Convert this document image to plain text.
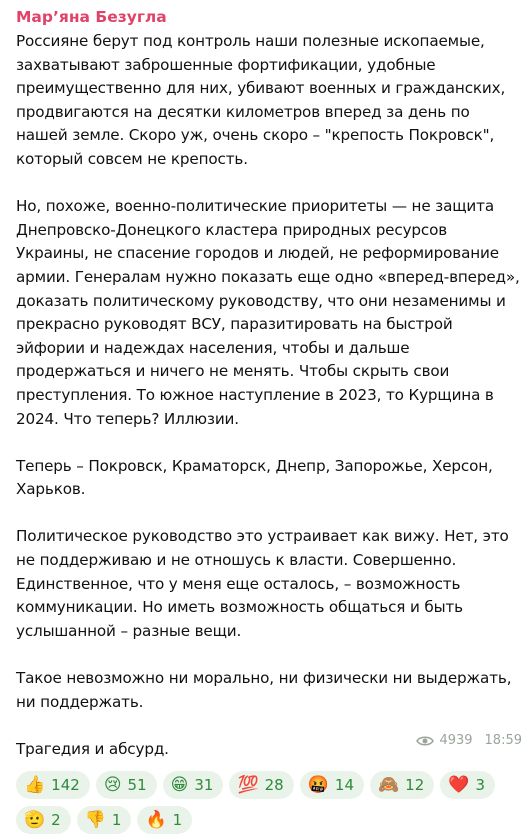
Мар’яна Безугла

Россияне берут под контроль наши полезные ископаемые, захватывают заброшенные фортификации, удобные преимущественно для них, убивают военных и гражданских, продвигаются на десятки километров вперед за день по нашей земле. Скоро уж, очень скоро – "крепость Покровск", который совсем не крепость.

Но, похоже, военно-политические приоритеты — не защита Днепровско-Донецкого кластера природных ресурсов Украины, не спасение городов и людей, не реформирование армии. Генералам нужно показать еще одно «вперед-вперед», доказать политическому руководству, что они незаменимы и прекрасно руководят ВСУ, паразитировать на быстрой эйфории и надеждах населения, чтобы и дальше продержаться и ничего не менять. Чтобы скрыть свои преступления. То южное наступление в 2023, то Курщина в 2024. Что теперь? Иллюзии.

Теперь – Покровск, Краматорск, Днепр, Запорожье, Херсон, Харьков.

Политическое руководство это устраивает как вижу. Нет, это не поддерживаю и не отношусь к власти. Совершенно. Единственное, что у меня еще осталось, – возможность коммуникации. Но иметь возможность общаться и быть услышанной – разные вещи.

Такое невозможно ни морально, ни физически ни выдержать, ни поддержать.

Трагедия и абсурд.

👍 142 😢 51 😁 31 💯 28 🤬 14 🙈 12 ❤️ 3
🫡 2 👎 1 🔥 1
4939 18:59
